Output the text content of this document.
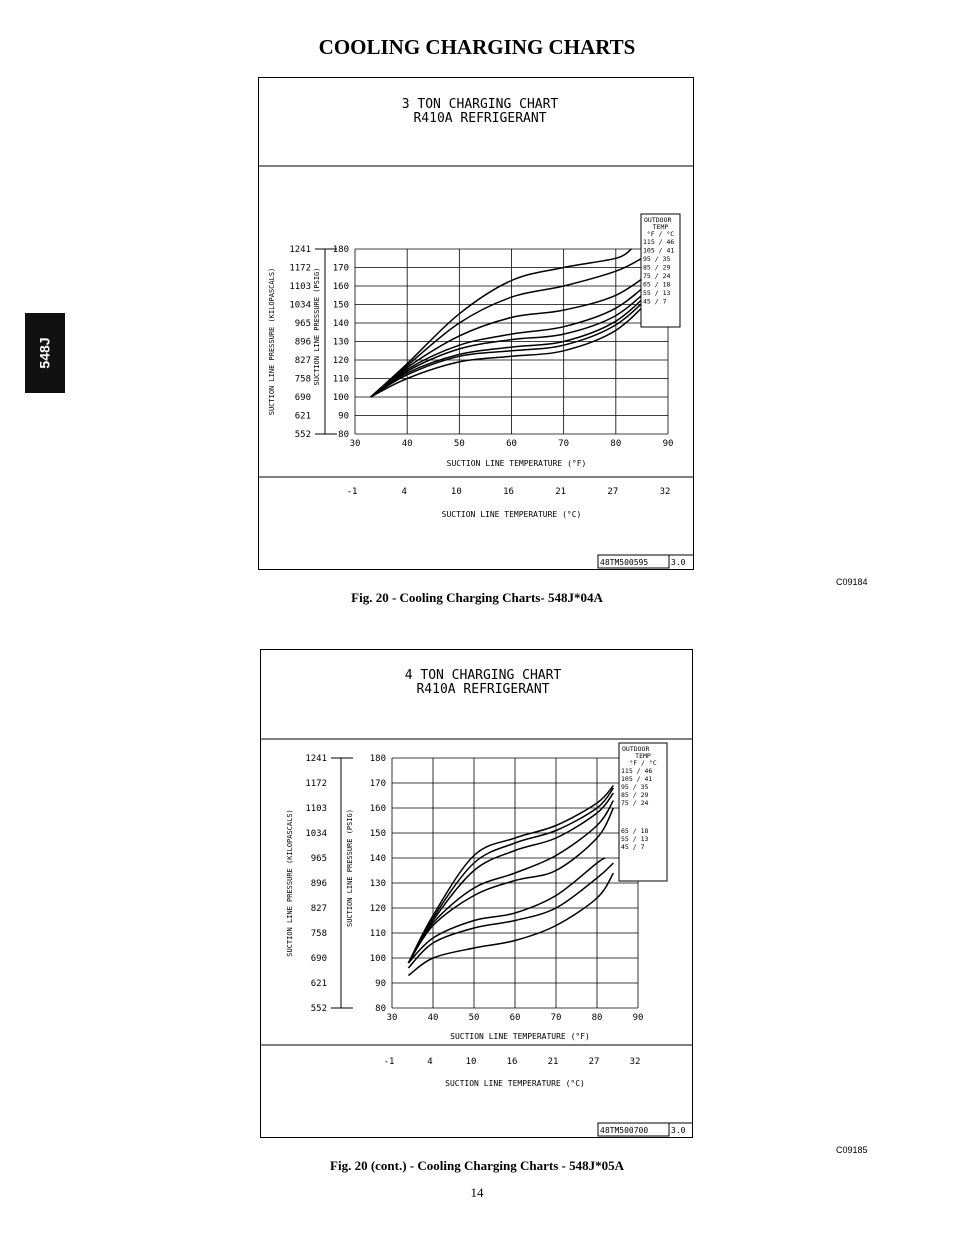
COOLING CHARGING CHARTS
548J
3 TON CHARGING CHART
R410A REFRIGERANT
30	40	50	60	70	80	90
80
90
100
110
120
130
140
150
160
170
180
552
621
690
758
827
896
965
1034
1103
1172
1241
SUCTION LINE PRESSURE (KILOPASCALS)	SUCTION LINE PRESSURE (PSIG)
SUCTION LINE TEMPERATURE (°F)
-1	4	10	16	21	27	32
SUCTION LINE TEMPERATURE (°C)
OUTDOOR
TEMP
°F / °C
115 / 46
105 / 41
95 / 35
85 / 29
75 / 24
65 / 18
55 / 13
45 / 7
48TM500595	3.0
C09184
Fig. 20 - Cooling Charging Charts- 548J*04A
4 TON CHARGING CHART
R410A REFRIGERANT
30	40	50	60	70	80	90
80
90
100
110
120
130
140
150
160
170
180
552
621
690
758
827
896
965
1034
1103
1172
1241
SUCTION LINE PRESSURE (KILOPASCALS)	SUCTION LINE PRESSURE (PSIG)
SUCTION LINE TEMPERATURE (°F)
-1	4	10	16	21	27	32
SUCTION LINE TEMPERATURE (°C)
OUTDOOR
TEMP
°F / °C
115 / 46
105 / 41
95 / 35
85 / 29
75 / 24
65 / 18
55 / 13
45 / 7
48TM500700	3.0
C09185
Fig. 20 (cont.) - Cooling Charging Charts - 548J*05A
14
